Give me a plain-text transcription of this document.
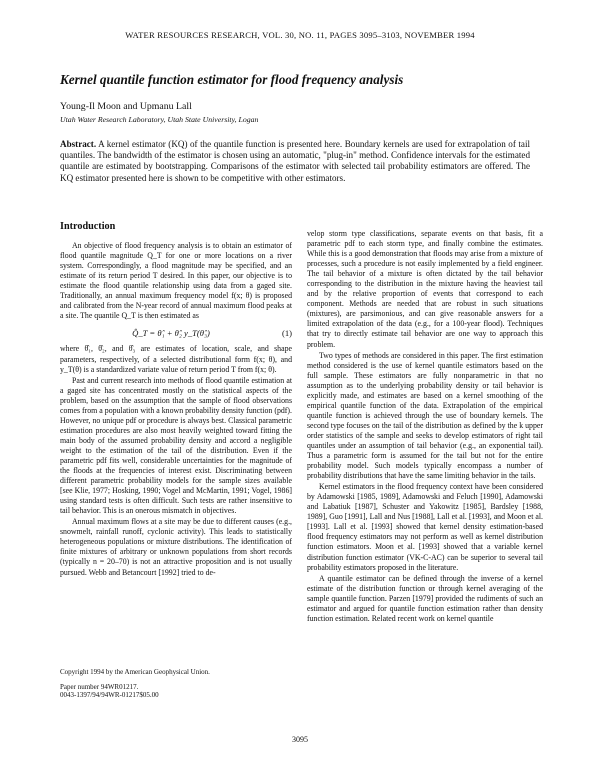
WATER RESOURCES RESEARCH, VOL. 30, NO. 11, PAGES 3095–3103, NOVEMBER 1994
Kernel quantile function estimator for flood frequency analysis
Young-Il Moon and Upmanu Lall
Utah Water Research Laboratory, Utah State University, Logan

Abstract. A kernel estimator (KQ) of the quantile function is presented here. Boundary kernels are used for extrapolation of tail quantiles. The bandwidth of the estimator is chosen using an automatic, "plug-in" method. Confidence intervals for the estimated quantile are estimated by bootstrapping. Comparisons of the estimator with selected tail probability estimators are offered. The KQ estimator presented here is shown to be competitive with other estimators.

Introduction

An objective of flood frequency analysis is to obtain an estimator of flood quantile magnitude Q_T for one or more locations on a river system. Correspondingly, a flood magnitude may be specified, and an estimate of its return period T desired. In this paper, our objective is to estimate the flood quantile relationship using data from a gaged site. Traditionally, an annual maximum frequency model f(x; θ) is proposed and calibrated from the N-year record of annual maximum flood peaks at a site. The quantile Q_T is then estimated as

Q̂_T = θ̂₁ + θ̂₂ y_T(θ̂₃)	(1)

where θ̂₁, θ̂₂, and θ̂₃ are estimates of location, scale, and shape parameters, respectively, of a selected distributional form f(x; θ), and y_T(θ) is a standardized variate value of return period T from f(x; θ).

Past and current research into methods of flood quantile estimation at a gaged site has concentrated mostly on the statistical aspects of the problem, based on the assumption that the sample of flood observations comes from a population with a known probability density function (pdf). However, no unique pdf or procedure is always best. Classical parametric estimation procedures are also most heavily weighted toward fitting the main body of the assumed probability density and accord a negligible weight to the estimation of the tail of the distribution. Even if the parametric pdf fits well, considerable uncertainties for the magnitude of the floods at the frequencies of interest exist. Discriminating between different parametric probability models for the sample sizes available [see Klie, 1977; Hosking, 1990; Vogel and McMartin, 1991; Vogel, 1986] using standard tests is often difficult. Such tests are rather insensitive to tail behavior. This is an onerous mismatch in objectives.

Annual maximum flows at a site may be due to different causes (e.g., snowmelt, rainfall runoff, cyclonic activity). This leads to statistically heterogeneous populations or mixture distributions. The identification of finite mixtures of arbitrary or unknown populations from short records (typically n = 20–70) is not an attractive proposition and is not usually pursued. Webb and Betancourt [1992] tried to de-

velop storm type classifications, separate events on that basis, fit a parametric pdf to each storm type, and finally combine the estimates. While this is a good demonstration that floods may arise from a mixture of processes, such a procedure is not easily implemented by a field engineer. The tail behavior of a mixture is often dictated by the tail behavior corresponding to the distribution in the mixture having the heaviest tail and by the relative proportion of events that correspond to each component. Methods are needed that are robust in such situations (mixtures), are parsimonious, and can give reasonable answers for a limited extrapolation of the data (e.g., for a 100-year flood). Techniques that try to directly estimate tail behavior are one way to approach this problem.

Two types of methods are considered in this paper. The first estimation method considered is the use of kernel quantile estimators based on the full sample. These estimators are fully nonparametric in that no assumption as to the underlying probability density or tail behavior is explicitly made, and estimates are based on a kernel smoothing of the empirical quantile function of the data. Extrapolation of the empirical quantile function is achieved through the use of boundary kernels. The second type focuses on the tail of the distribution as defined by the k upper order statistics of the sample and seeks to develop estimators of right tail quantiles under an assumption of tail behavior (e.g., an exponential tail). Thus a parametric form is assumed for the tail but not for the entire probability model. Such models typically encompass a number of probability distributions that have the same limiting behavior in the tails.

Kernel estimators in the flood frequency context have been considered by Adamowski [1985, 1989], Adamowski and Feluch [1990], Adamowski and Labatiuk [1987], Schuster and Yakowitz [1985], Bardsley [1988, 1989], Guo [1991], Lall and Nus [1988], Lall et al. [1993], and Moon et al. [1993]. Lall et al. [1993] showed that kernel density estimation-based flood frequency estimators may not perform as well as kernel distribution function estimators. Moon et al. [1993] showed that a variable kernel distribution function estimator (VK-C-AC) can be superior to several tail probability estimators proposed in the literature.

A quantile estimator can be defined through the inverse of a kernel estimate of the distribution function or through kernel averaging of the sample quantile function. Parzen [1979] provided the rudiments of such an estimator and argued for quantile function estimation rather than density function estimation. Related recent work on kernel quantile

Copyright 1994 by the American Geophysical Union.
Paper number 94WR01217.
0043-1397/94/94WR-01217$05.00
3095
